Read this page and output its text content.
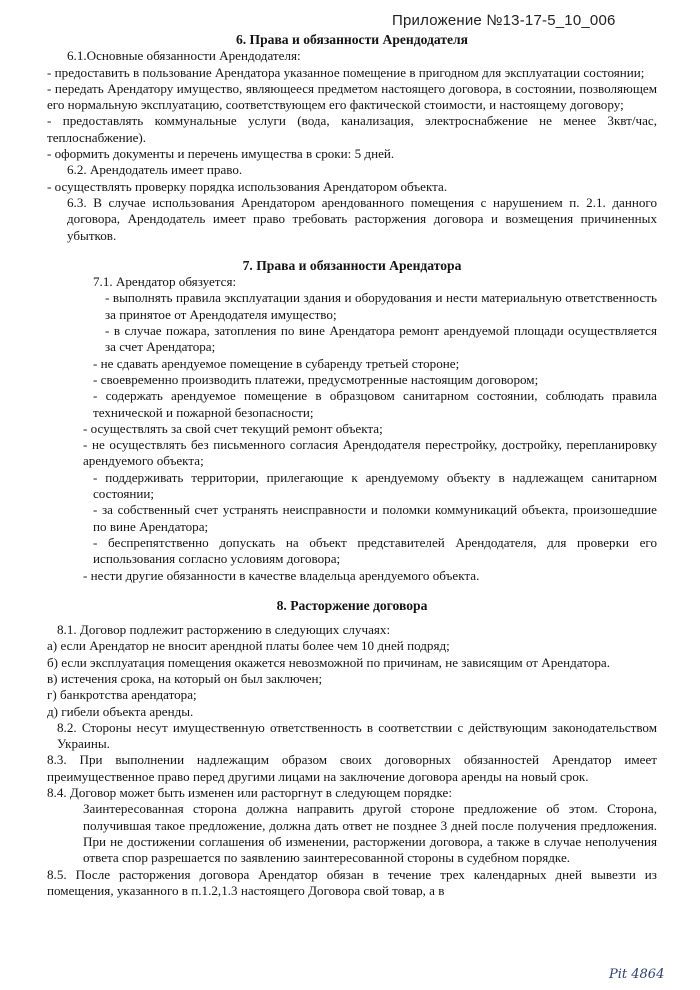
Приложение №13-17-5_10_006

6. Права и обязанности Арендодателя

6.1.Основные обязанности Арендодателя:

- предоставить в пользование Арендатора указанное помещение в пригодном для эксплуатации состоянии;

- передать Арендатору имущество, являющееся предметом настоящего договора, в состоянии, позволяющем его нормальную эксплуатацию, соответствующем его фактической стоимости, и настоящему договору;

- предоставлять коммунальные услуги (вода, канализация, электроснабжение не менее 3квт/час, теплоснабжение).

- оформить документы и перечень имущества в сроки: 5 дней.

6.2. Арендодатель имеет право.

- осуществлять проверку порядка использования Арендатором объекта.

6.3. В случае использования Арендатором арендованного помещения с нарушением п. 2.1. данного договора, Арендодатель имеет право требовать расторжения договора и возмещения причиненных убытков.

7. Права и обязанности Арендатора

7.1. Арендатор обязуется:

- выполнять правила эксплуатации здания и оборудования и нести материальную ответственность за принятое от Арендодателя имущество;

- в случае пожара, затопления по вине Арендатора ремонт арендуемой площади осуществляется за счет Арендатора;

- не сдавать арендуемое помещение в субаренду третьей стороне;

- своевременно производить платежи, предусмотренные настоящим договором;

- содержать арендуемое помещение в образцовом санитарном состоянии, соблюдать правила технической и пожарной безопасности;

- осуществлять за свой счет текущий ремонт объекта;

- не осуществлять без письменного согласия Арендодателя перестройку, достройку, перепланировку арендуемого объекта;

- поддерживать территории, прилегающие к арендуемому объекту в надлежащем санитарном состоянии;

- за собственный счет устранять неисправности и поломки коммуникаций объекта, произошедшие по вине Арендатора;

- беспрепятственно допускать на объект представителей Арендодателя, для проверки его использования согласно условиям договора;

- нести другие обязанности в качестве владельца арендуемого объекта.

8. Расторжение договора

8.1. Договор подлежит расторжению в следующих случаях:

а) если Арендатор не вносит арендной платы более чем 10 дней подряд;

б) если эксплуатация помещения окажется невозможной по причинам, не зависящим от Арендатора.

в) истечения срока, на который он был заключен;

г) банкротства арендатора;

д) гибели объекта аренды.

8.2. Стороны несут имущественную ответственность в соответствии с действующим законодательством Украины.

8.3. При выполнении надлежащим образом своих договорных обязанностей Арендатор имеет преимущественное право перед другими лицами на заключение договора аренды на новый срок.

8.4. Договор может быть изменен или расторгнут в следующем порядке:

Заинтересованная сторона должна направить другой стороне предложение об этом. Сторона, получившая такое предложение, должна дать ответ не позднее 3 дней после получения предложения. При не достижении соглашения об изменении, расторжении договора, а также в случае неполучения ответа спор разрешается по заявлению заинтересованной стороны в судебном порядке.

8.5. После расторжения договора Арендатор обязан в течение трех календарных дней вывезти из помещения, указанного в п.1.2,1.3 настоящего Договора свой товар, а в

Pit 4864
